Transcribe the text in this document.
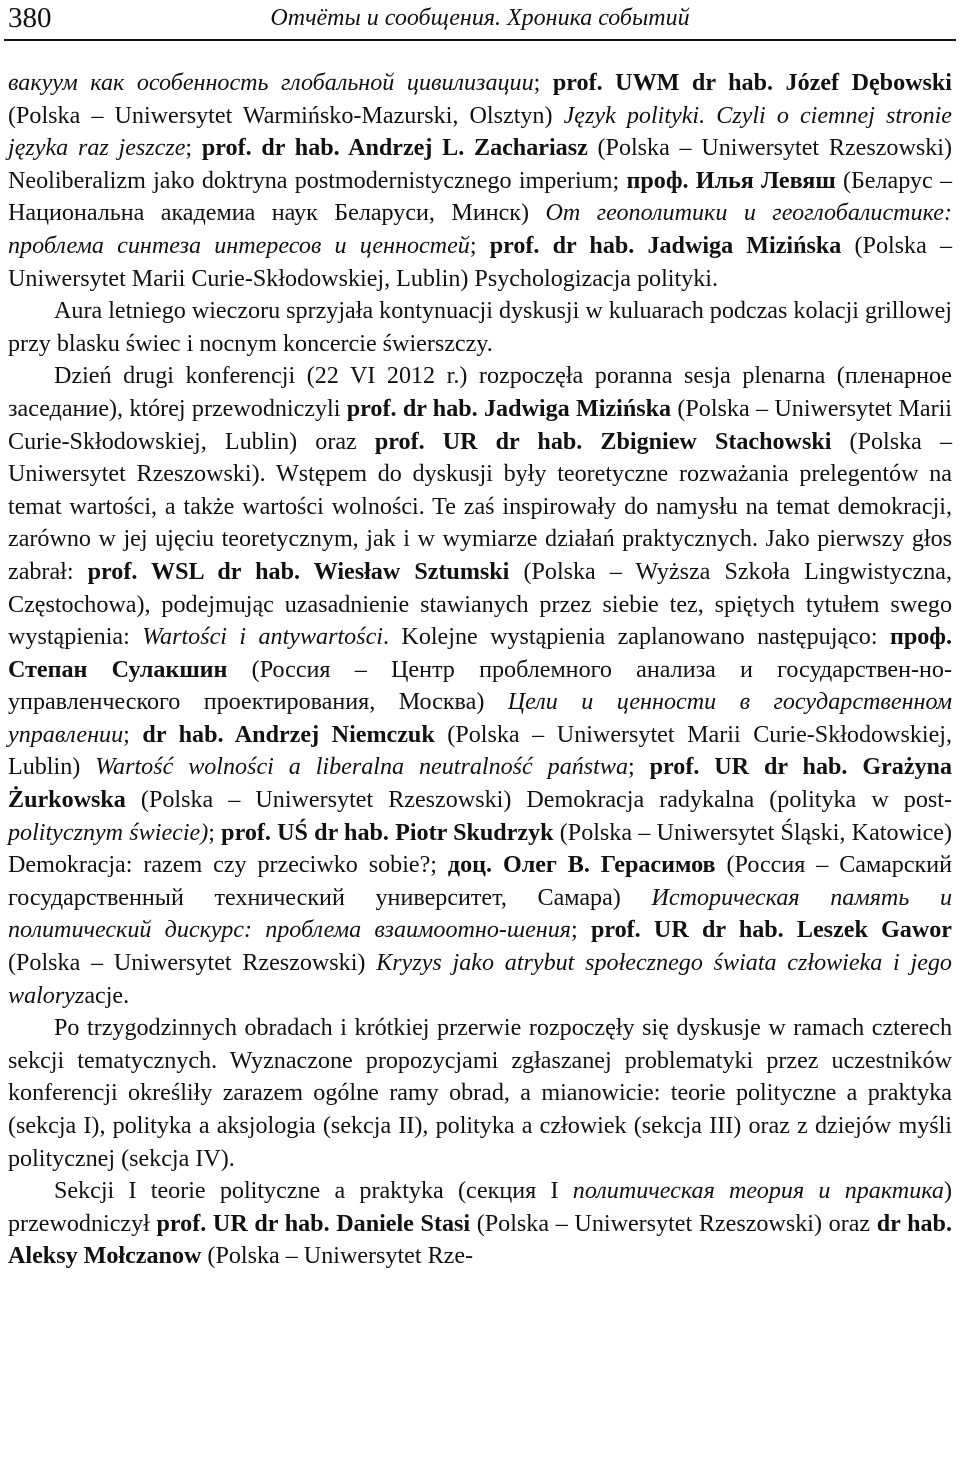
380	Отчёты и сообщения. Хроника событий

вакуум как особенность глобальной цивилизации; prof. UWM dr hab. Józef Dębowski (Polska – Uniwersytet Warmińsko-Mazurski, Olsztyn) Język polityki. Czyli o ciemnej stronie języka raz jeszcze; prof. dr hab. Andrzej L. Zachariasz (Polska – Uniwersytet Rzeszowski) Neoliberalizm jako doktryna postmodernistycznego imperium; проф. Илья Левяш (Беларус – Национальна академиа наук Беларуси, Минск) От геополитики и геоглобалистике: проблема синтеза интересов и ценностей; prof. dr hab. Jadwiga Mizińska (Polska – Uniwersytet Marii Curie-Skłodowskiej, Lublin) Psychologizacja polityki.

Aura letniego wieczoru sprzyjała kontynuacji dyskusji w kuluarach podczas kolacji grillowej przy blasku świec i nocnym koncercie świerszczy.

Dzień drugi konferencji (22 VI 2012 r.) rozpoczęła poranna sesja plenarna (пленарное заседание), której przewodniczyli prof. dr hab. Jadwiga Mizińska (Polska – Uniwersytet Marii Curie-Skłodowskiej, Lublin) oraz prof. UR dr hab. Zbigniew Stachowski (Polska – Uniwersytet Rzeszowski). Wstępem do dyskusji były teoretyczne rozważania prelegentów na temat wartości, a także wartości wolności. Te zaś inspirowały do namysłu na temat demokracji, zarówno w jej ujęciu teoretycznym, jak i w wymiarze działań praktycznych. Jako pierwszy głos zabrał: prof. WSL dr hab. Wiesław Sztumski (Polska – Wyższa Szkoła Lingwistyczna, Częstochowa), podejmując uzasadnienie stawianych przez siebie tez, spiętych tytułem swego wystąpienia: Wartości i antywartości. Kolejne wystąpienia zaplanowano następująco: проф. Степан Сулакшин (Россия – Центр проблемного анализа и государствен-но-управленческого проектирования, Москва) Цели и ценности в государственном управлении; dr hab. Andrzej Niemczuk (Polska – Uniwersytet Marii Curie-Skłodowskiej, Lublin) Wartość wolności a liberalna neutralność państwa; prof. UR dr hab. Grażyna Żurkowska (Polska – Uniwersytet Rzeszowski) Demokracja radykalna (polityka w post-politycznym świecie); prof. UŚ dr hab. Piotr Skudrzyk (Polska – Uniwersytet Śląski, Katowice) Demokracja: razem czy przeciwko sobie?; доц. Олег В. Герасимов (Россия – Самарский государственный технический университет, Самара) Историческая память и политический дискурс: проблема взаимоотно-шения; prof. UR dr hab. Leszek Gawor (Polska – Uniwersytet Rzeszowski) Kryzys jako atrybut społecznego świata człowieka i jego waloryzacje.

Po trzygodzinnych obradach i krótkiej przerwie rozpoczęły się dyskusje w ramach czterech sekcji tematycznych. Wyznaczone propozycjami zgłaszanej problematyki przez uczestników konferencji określiły zarazem ogólne ramy obrad, a mianowicie: teorie polityczne a praktyka (sekcja I), polityka a aksjologia (sekcja II), polityka a człowiek (sekcja III) oraz z dziejów myśli politycznej (sekcja IV).

Sekcji I teorie polityczne a praktyka (секция I политическая теория и практика) przewodniczył prof. UR dr hab. Daniele Stasi (Polska – Uniwersytet Rzeszowski) oraz dr hab. Aleksy Mołczanow (Polska – Uniwersytet Rze-
